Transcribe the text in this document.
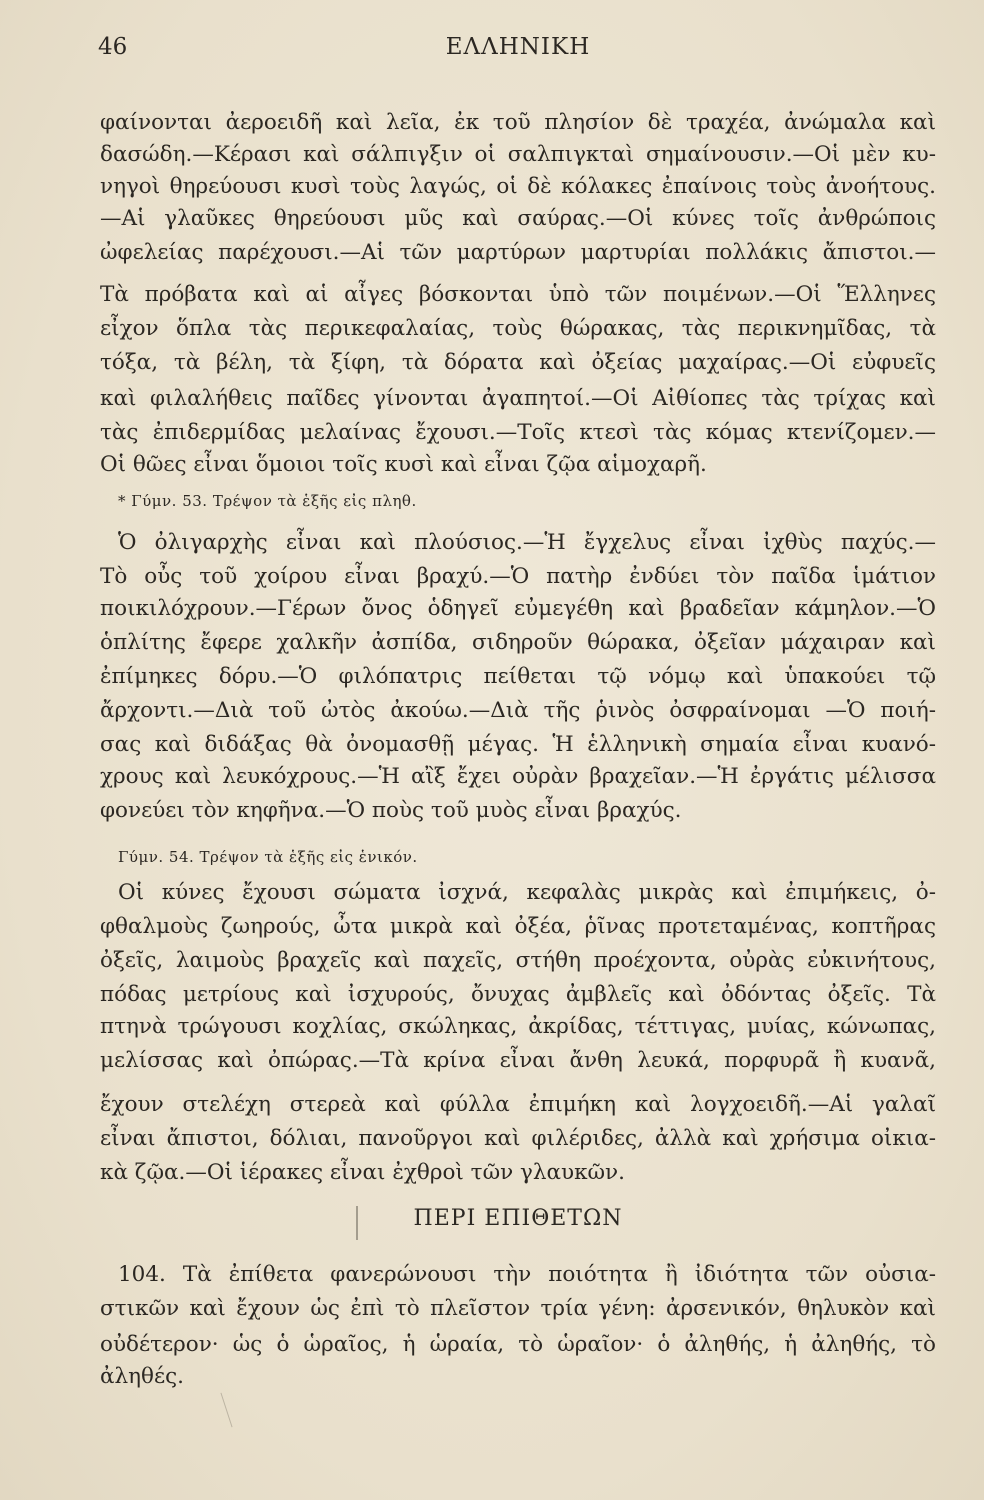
46	ΕΛΛΗΝΙΚΗ
φαίνονται ἀεροειδῆ καὶ λεῖα, ἐκ τοῦ πλησίον δὲ τραχέα, ἀνώμαλα καὶ
δασώδη.—Κέρασι καὶ σάλπιγξιν οἱ σαλπιγκταὶ σημαίνουσιν.—Οἱ μὲν κυ-
νηγοὶ θηρεύουσι κυσὶ τοὺς λαγώς, οἱ δὲ κόλακες ἐπαίνοις τοὺς ἀνοήτους.
—Αἱ γλαῦκες θηρεύουσι μῦς καὶ σαύρας.—Οἱ κύνες τοῖς ἀνθρώποις
ὠφελείας παρέχουσι.—Αἱ τῶν μαρτύρων μαρτυρίαι πολλάκις ἄπιστοι.—
Τὰ πρόβατα καὶ αἱ αἶγες βόσκονται ὑπὸ τῶν ποιμένων.—Οἱ Ἕλληνες
εἶχον ὅπλα τὰς περικεφαλαίας, τοὺς θώρακας, τὰς περικνημῖδας, τὰ
τόξα, τὰ βέλη, τὰ ξίφη, τὰ δόρατα καὶ ὀξείας μαχαίρας.—Οἱ εὐφυεῖς
καὶ φιλαλήθεις παῖδες γίνονται ἀγαπητοί.—Οἱ Αἰθίοπες τὰς τρίχας καὶ
τὰς ἐπιδερμίδας μελαίνας ἔχουσι.—Τοῖς κτεσὶ τὰς κόμας κτενίζομεν.—
Οἱ θῶες εἶναι ὅμοιοι τοῖς κυσὶ καὶ εἶναι ζῷα αἱμοχαρῆ.
* Γύμν. 53. Τρέψον τὰ ἑξῆς εἰς πληθ.
Ὁ ὀλιγαρχὴς εἶναι καὶ πλούσιος.—Ἡ ἔγχελυς εἶναι ἰχθὺς παχύς.—
Τὸ οὖς τοῦ χοίρου εἶναι βραχύ.—Ὁ πατὴρ ἐνδύει τὸν παῖδα ἱμάτιον
ποικιλόχρουν.—Γέρων ὄνος ὁδηγεῖ εὐμεγέθη καὶ βραδεῖαν κάμηλον.—Ὁ
ὁπλίτης ἔφερε χαλκῆν ἀσπίδα, σιδηροῦν θώρακα, ὀξεῖαν μάχαιραν καὶ
ἐπίμηκες δόρυ.—Ὁ φιλόπατρις πείθεται τῷ νόμῳ καὶ ὑπακούει τῷ
ἄρχοντι.—Διὰ τοῦ ὠτὸς ἀκούω.—Διὰ τῆς ῥινὸς ὀσφραίνομαι —Ὁ ποιή-
σας καὶ διδάξας θὰ ὀνομασθῇ μέγας. Ἡ ἑλληνικὴ σημαία εἶναι κυανό-
χρους καὶ λευκόχρους.—Ἡ αἲξ ἔχει οὐρὰν βραχεῖαν.—Ἡ ἐργάτις μέλισσα
φονεύει τὸν κηφῆνα.—Ὁ ποὺς τοῦ μυὸς εἶναι βραχύς.
Γύμν. 54. Τρέψον τὰ ἑξῆς εἰς ἑνικόν.
Οἱ κύνες ἔχουσι σώματα ἰσχνά, κεφαλὰς μικρὰς καὶ ἐπιμήκεις, ὀ-
φθαλμοὺς ζωηρούς, ὦτα μικρὰ καὶ ὀξέα, ῥῖνας προτεταμένας, κοπτῆρας
ὀξεῖς, λαιμοὺς βραχεῖς καὶ παχεῖς, στήθη προέχοντα, οὐρὰς εὐκινήτους,
πόδας μετρίους καὶ ἰσχυρούς, ὄνυχας ἀμβλεῖς καὶ ὀδόντας ὀξεῖς. Τὰ
πτηνὰ τρώγουσι κοχλίας, σκώληκας, ἀκρίδας, τέττιγας, μυίας, κώνωπας,
μελίσσας καὶ ὀπώρας.—Τὰ κρίνα εἶναι ἄνθη λευκά, πορφυρᾶ ἢ κυανᾶ,
ἔχουν στελέχη στερεὰ καὶ φύλλα ἐπιμήκη καὶ λογχοειδῆ.—Αἱ γαλαῖ
εἶναι ἄπιστοι, δόλιαι, πανοῦργοι καὶ φιλέριδες, ἀλλὰ καὶ χρήσιμα οἰκια-
κὰ ζῷα.—Οἱ ἱέρακες εἶναι ἐχθροὶ τῶν γλαυκῶν.
ΠΕΡΙ ΕΠΙΘΕΤΩΝ
104. Τὰ ἐπίθετα φανερώνουσι τὴν ποιότητα ἢ ἰδιότητα τῶν οὐσια-
στικῶν καὶ ἔχουν ὡς ἐπὶ τὸ πλεῖστον τρία γένη: ἀρσενικόν, θηλυκὸν καὶ
οὐδέτερον· ὡς ὁ ὡραῖος, ἡ ὡραία, τὸ ὡραῖον· ὁ ἀληθής, ἡ ἀληθής, τὸ
ἀληθές.
